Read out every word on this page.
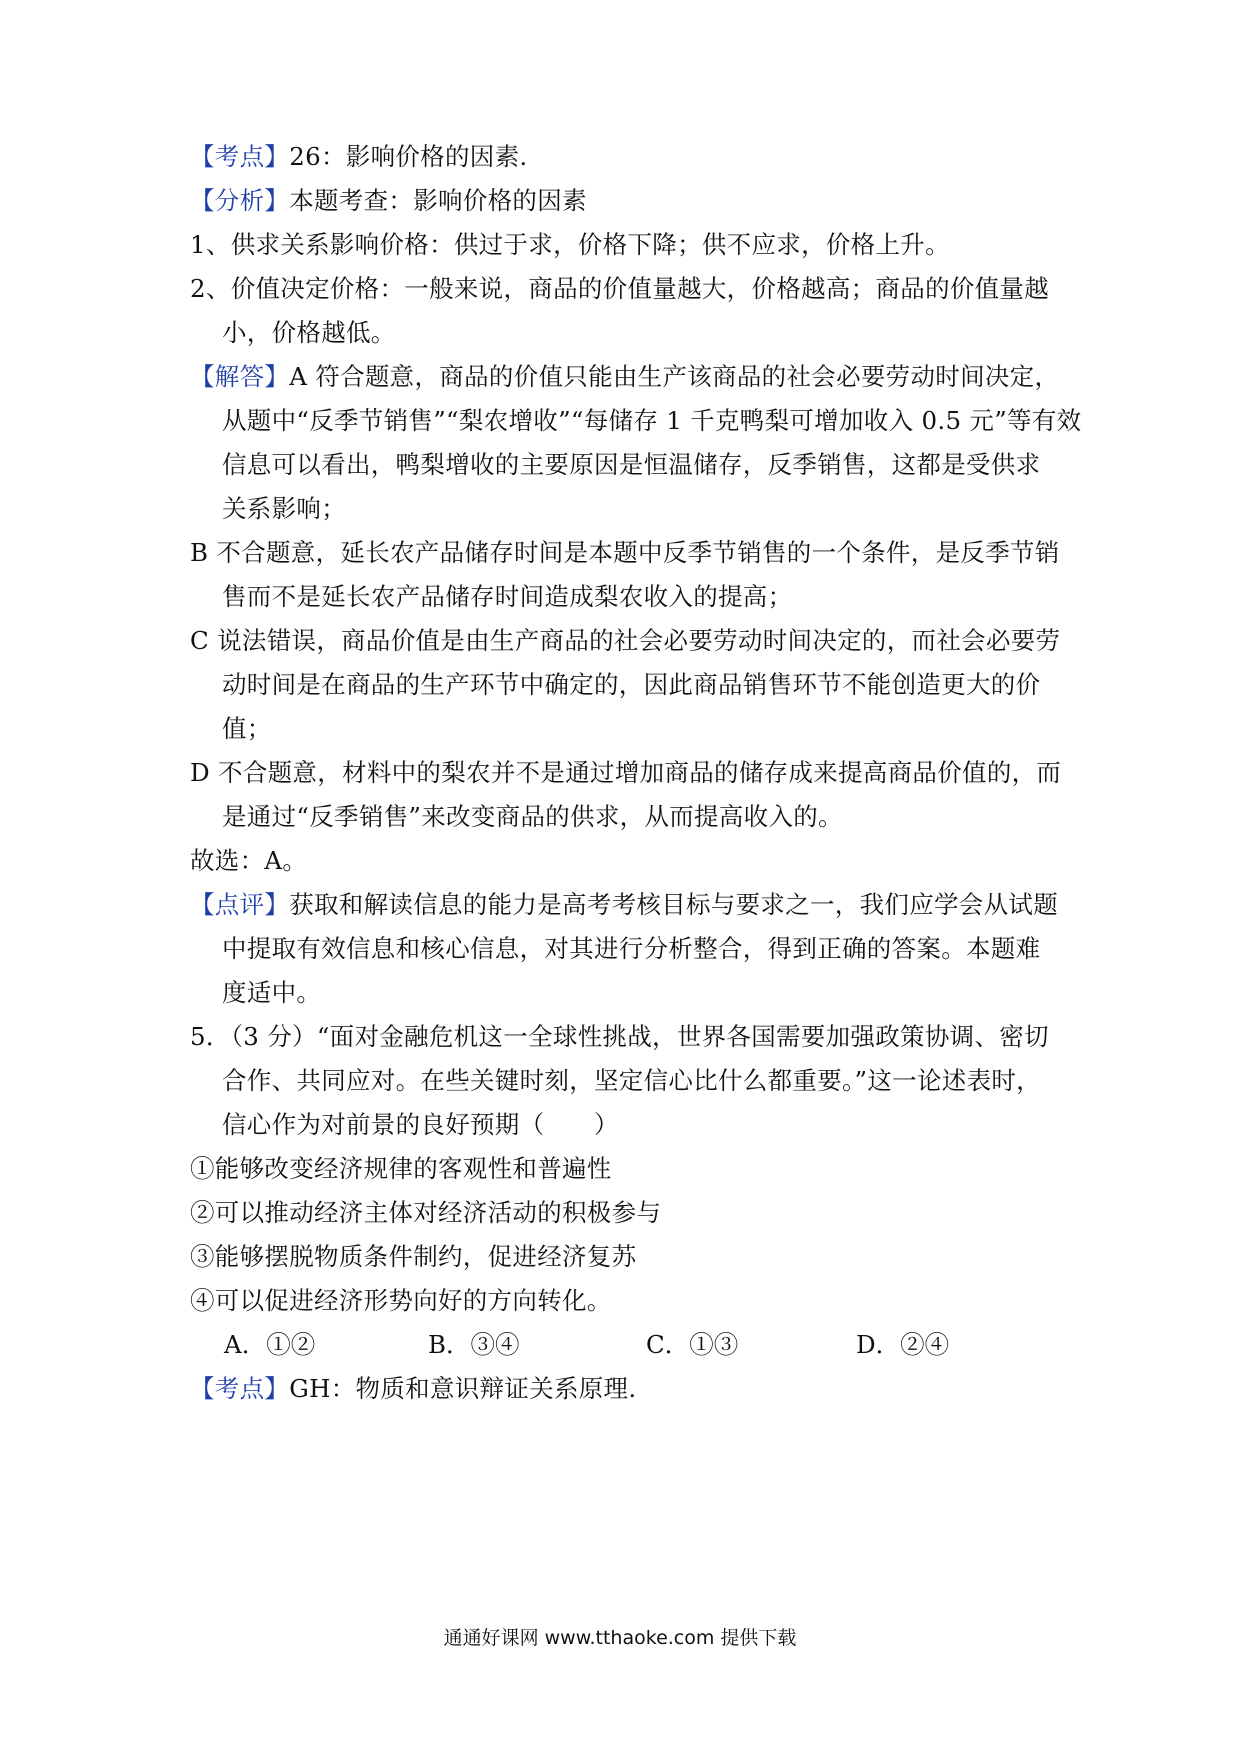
【考点】26：影响价格的因素.
【分析】本题考查：影响价格的因素
1、供求关系影响价格：供过于求，价格下降；供不应求，价格上升。
2、价值决定价格：一般来说，商品的价值量越大，价格越高；商品的价值量越
小，价格越低。
【解答】A 符合题意，商品的价值只能由生产该商品的社会必要劳动时间决定，
从题中“反季节销售”“梨农增收”“每储存 1 千克鸭梨可增加收入 0.5 元”等有效
信息可以看出，鸭梨增收的主要原因是恒温储存，反季销售，这都是受供求
关系影响；
B 不合题意，延长农产品储存时间是本题中反季节销售的一个条件，是反季节销
售而不是延长农产品储存时间造成梨农收入的提高；
C 说法错误，商品价值是由生产商品的社会必要劳动时间决定的，而社会必要劳
动时间是在商品的生产环节中确定的，因此商品销售环节不能创造更大的价
值；
D 不合题意，材料中的梨农并不是通过增加商品的储存成来提高商品价值的，而
是通过“反季销售”来改变商品的供求，从而提高收入的。
故选：A。
【点评】获取和解读信息的能力是高考考核目标与要求之一，我们应学会从试题
中提取有效信息和核心信息，对其进行分析整合，得到正确的答案。本题难
度适中。
5．（3 分）“面对金融危机这一全球性挑战，世界各国需要加强政策协调、密切
合作、共同应对。在些关键时刻，坚定信心比什么都重要。”这一论述表时，
信心作为对前景的良好预期（　　）
①能够改变经济规律的客观性和普遍性
②可以推动经济主体对经济活动的积极参与
③能够摆脱物质条件制约，促进经济复苏
④可以促进经济形势向好的方向转化。
A．①②	B．③④	C．①③	D．②④
【考点】GH：物质和意识辩证关系原理.
通通好课网 www.tthaoke.com 提供下载
